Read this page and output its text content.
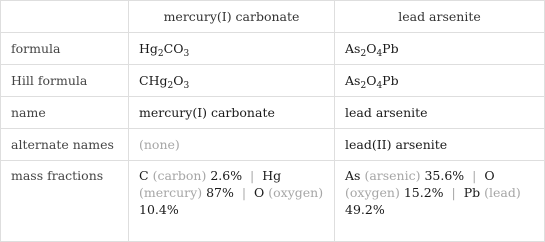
	mercury(I) carbonate	lead arsenite
formula	$Hg_2CO_3$	$As_2O_4Pb$
Hill formula	$CHg_2O_3$	$As_2O_4Pb$
name	mercury(I) carbonate	lead arsenite
alternate names	(none)	lead(II) arsenite
mass fractions	C (carbon) 2.6% | Hg (mercury) 87% | O (oxygen) 10.4%	As (arsenic) 35.6% | O (oxygen) 15.2% | Pb (lead) 49.2%
